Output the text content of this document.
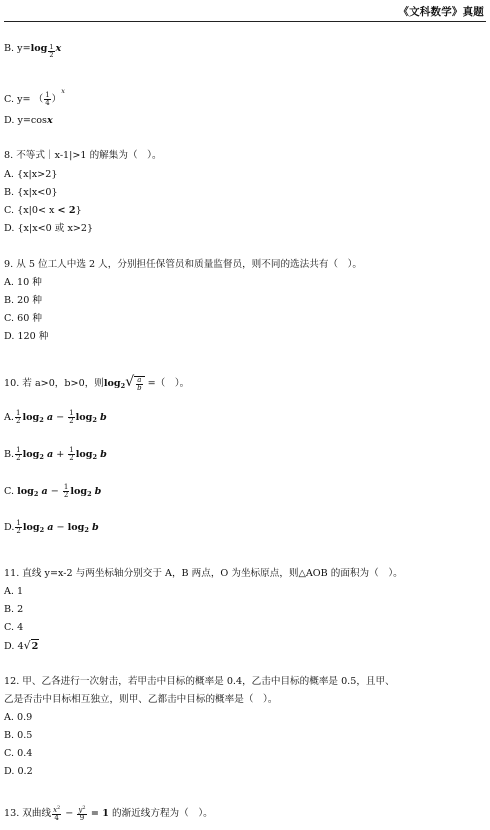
《文科数学》真题
B. $y=\log \frac{1}{2}$ x
C. y= （ $\frac{1}{4} )^x$
D. y=cosx
8. 不等式｜x-1|>1 的解集为（　）。
A. {x|x>2}
B. {x|x<0}
C. {x|0< x < 2}
D. {x|x<0 或 x>2}
9. 从 5 位工人中选 2 人，分别担任保管员和质量监督员，则不同的选法共有（　）。
A. 10 种
B. 20 种
C. 60 种
D. 120 种
10. 若 a>0，b>0，则$\log_2√ \frac{a}{b}$ =（　）。
A. $\frac{1}{2} \log_2 a - \frac{1}{2} \log_2 b$
B. $\frac{1}{2} \log_2 a + \frac{1}{2} \log_2 b$
C. $\log_2 a - \frac{1}{2} \log_2 b$
D. $\frac{1}{2} \log_2 a - \log_2 b$
11. 直线 y=x-2 与两坐标轴分别交于 A，B 两点，O 为坐标原点，则△AOB 的面积为（　）。
A. 1
B. 2
C. 4
D. 4√2
12. 甲、乙各进行一次射击，若甲击中目标的概率是 0.4，乙击中目标的概率是 0.5，且甲、
乙是否击中目标相互独立，则甲、乙都击中目标的概率是（　）。
A. 0.9
B. 0.5
C. 0.4
D. 0.2
13. 双曲线 $\frac{x^2}{4} - \frac{y^2}{9} = 1$ 的渐近线方程为（　）。
